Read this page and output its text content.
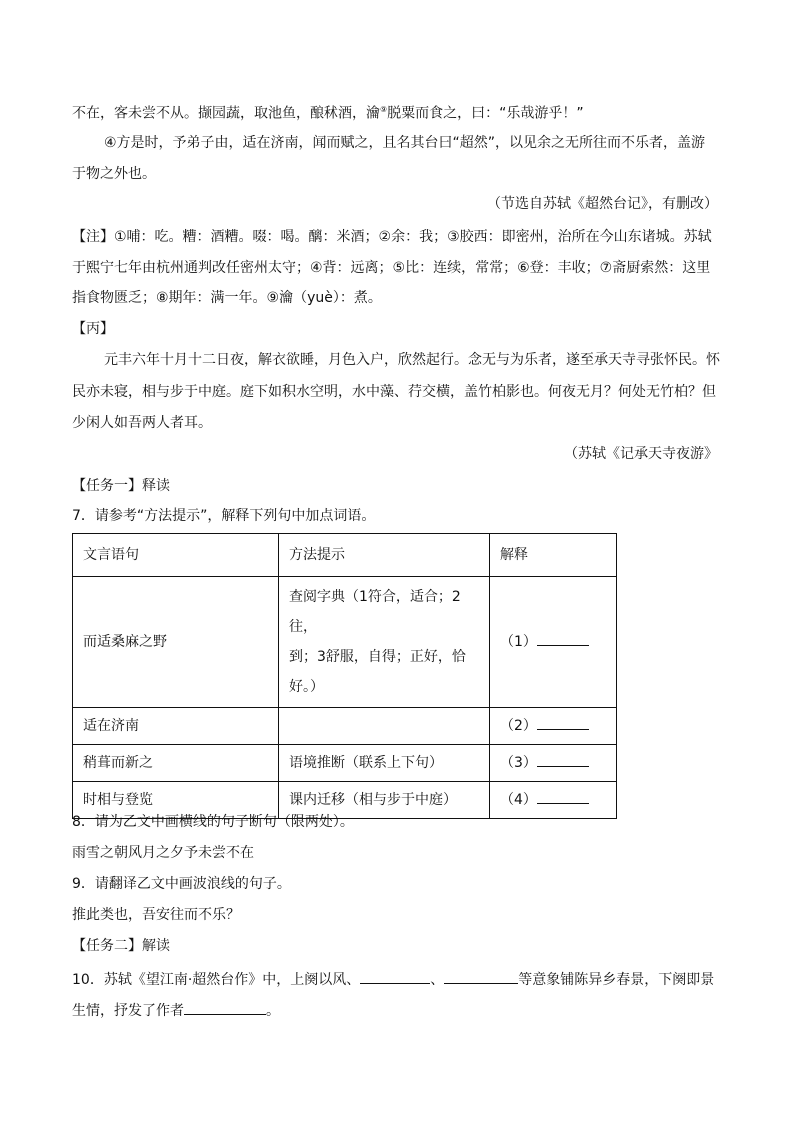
不在，客未尝不从。撷园蔬，取池鱼，酿秫酒，瀹⑨脱粟而食之，曰：“乐哉游乎！”
④方是时，予弟子由，适在济南，闻而赋之，且名其台曰“超然”，以见余之无所往而不乐者，盖游
于物之外也。
（节选自苏轼《超然台记》，有删改）
【注】①哺：吃。糟：酒糟。啜：喝。醨：米酒；②余：我；③胶西：即密州，治所在今山东诸城。苏轼
于熙宁七年由杭州通判改任密州太守；④背：远离；⑤比：连续，常常；⑥登：丰收；⑦斋厨索然：这里
指食物匮乏；⑧期年：满一年。⑨瀹（yuè）：煮。
【丙】
元丰六年十月十二日夜，解衣欲睡，月色入户，欣然起行。念无与为乐者，遂至承天寺寻张怀民。怀
民亦未寝，相与步于中庭。庭下如积水空明，水中藻、荇交横，盖竹柏影也。何夜无月？何处无竹柏？但
少闲人如吾两人者耳。
（苏轼《记承天寺夜游》
【任务一】释读
7．请参考“方法提示”，解释下列句中加点词语。
文言语句	方法提示	解释
而适桑麻之野	查阅字典（1符合，适合；2往，
到；3舒服，自得；正好，恰
好。）	（1）
适在济南		（2）
稍葺而新之	语境推断（联系上下句）	（3）
时相与登览	课内迁移（相与步于中庭）	（4）
8．请为乙文中画横线的句子断句（限两处）。
雨雪之朝风月之夕予未尝不在
9．请翻译乙文中画波浪线的句子。
推此类也，吾安往而不乐？
【任务二】解读
10．苏轼《望江南·超然台作》中，上阕以风、	、	等意象铺陈异乡春景，下阕即景
生情，抒发了作者	。
